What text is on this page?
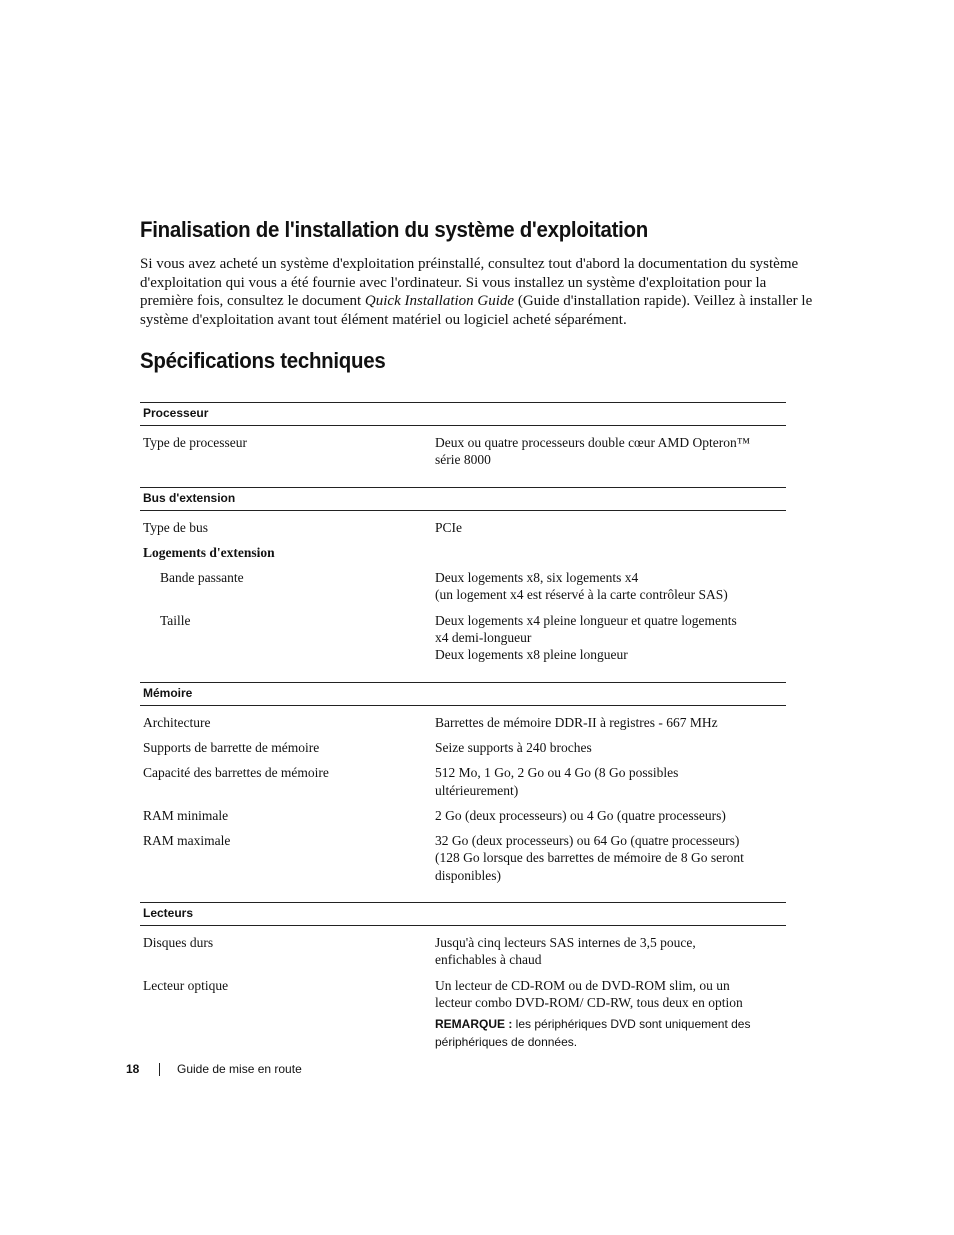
Finalisation de l'installation du système d'exploitation

Si vous avez acheté un système d'exploitation préinstallé, consultez tout d'abord la documentation du système d'exploitation qui vous a été fournie avec l'ordinateur. Si vous installez un système d'exploitation pour la première fois, consultez le document Quick Installation Guide (Guide d'installation rapide). Veillez à installer le système d'exploitation avant tout élément matériel ou logiciel acheté séparément.

Spécifications techniques
Processeur
Type de processeur	Deux ou quatre processeurs double cœur AMD Opteron™
série 8000
Bus d'extension
Type de bus	PCIe
Logements d'extension
Bande passante	Deux logements x8, six logements x4
(un logement x4 est réservé à la carte contrôleur SAS)
Taille	Deux logements x4 pleine longueur et quatre logements
x4 demi-longueur
Deux logements x8 pleine longueur
Mémoire
Architecture	Barrettes de mémoire DDR-II à registres - 667 MHz
Supports de barrette de mémoire	Seize supports à 240 broches
Capacité des barrettes de mémoire	512 Mo, 1 Go, 2 Go ou 4 Go (8 Go possibles
ultérieurement)
RAM minimale	2 Go (deux processeurs) ou 4 Go (quatre processeurs)
RAM maximale	32 Go (deux processeurs) ou 64 Go (quatre processeurs)
(128 Go lorsque des barrettes de mémoire de 8 Go seront
disponibles)
Lecteurs
Disques durs	Jusqu'à cinq lecteurs SAS internes de 3,5 pouce,
enfichables à chaud
Lecteur optique	Un lecteur de CD-ROM ou de DVD-ROM slim, ou un
lecteur combo DVD-ROM/ CD-RW, tous deux en option
REMARQUE : les périphériques DVD sont uniquement des
périphériques de données.
18	Guide de mise en route
